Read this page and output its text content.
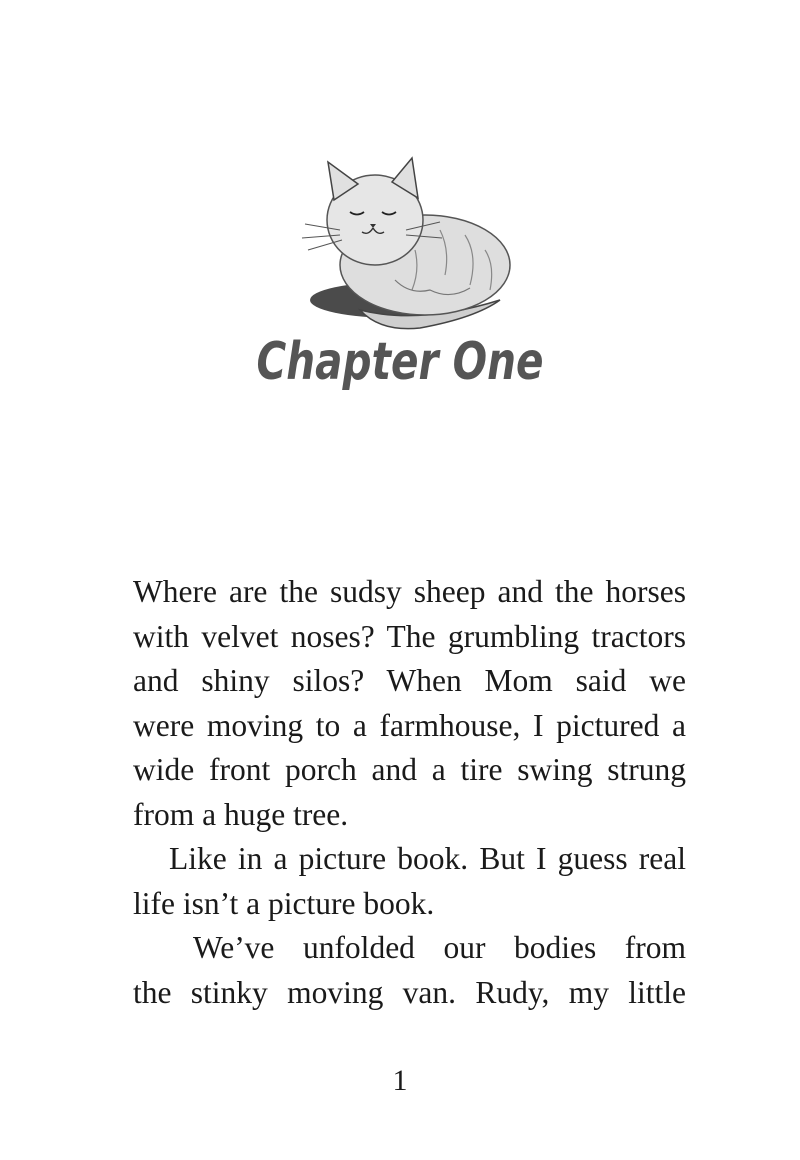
Chapter One
Where are the sudsy sheep and the horses
with velvet noses? The grumbling tractors
and shiny silos? When Mom said we
were moving to a farmhouse, I pictured a
wide front porch and a tire swing strung
from a huge tree.
Like in a picture book. But I guess real
life isn’t a picture book.
We’ve unfolded our bodies from
the stinky moving van. Rudy, my little
1
